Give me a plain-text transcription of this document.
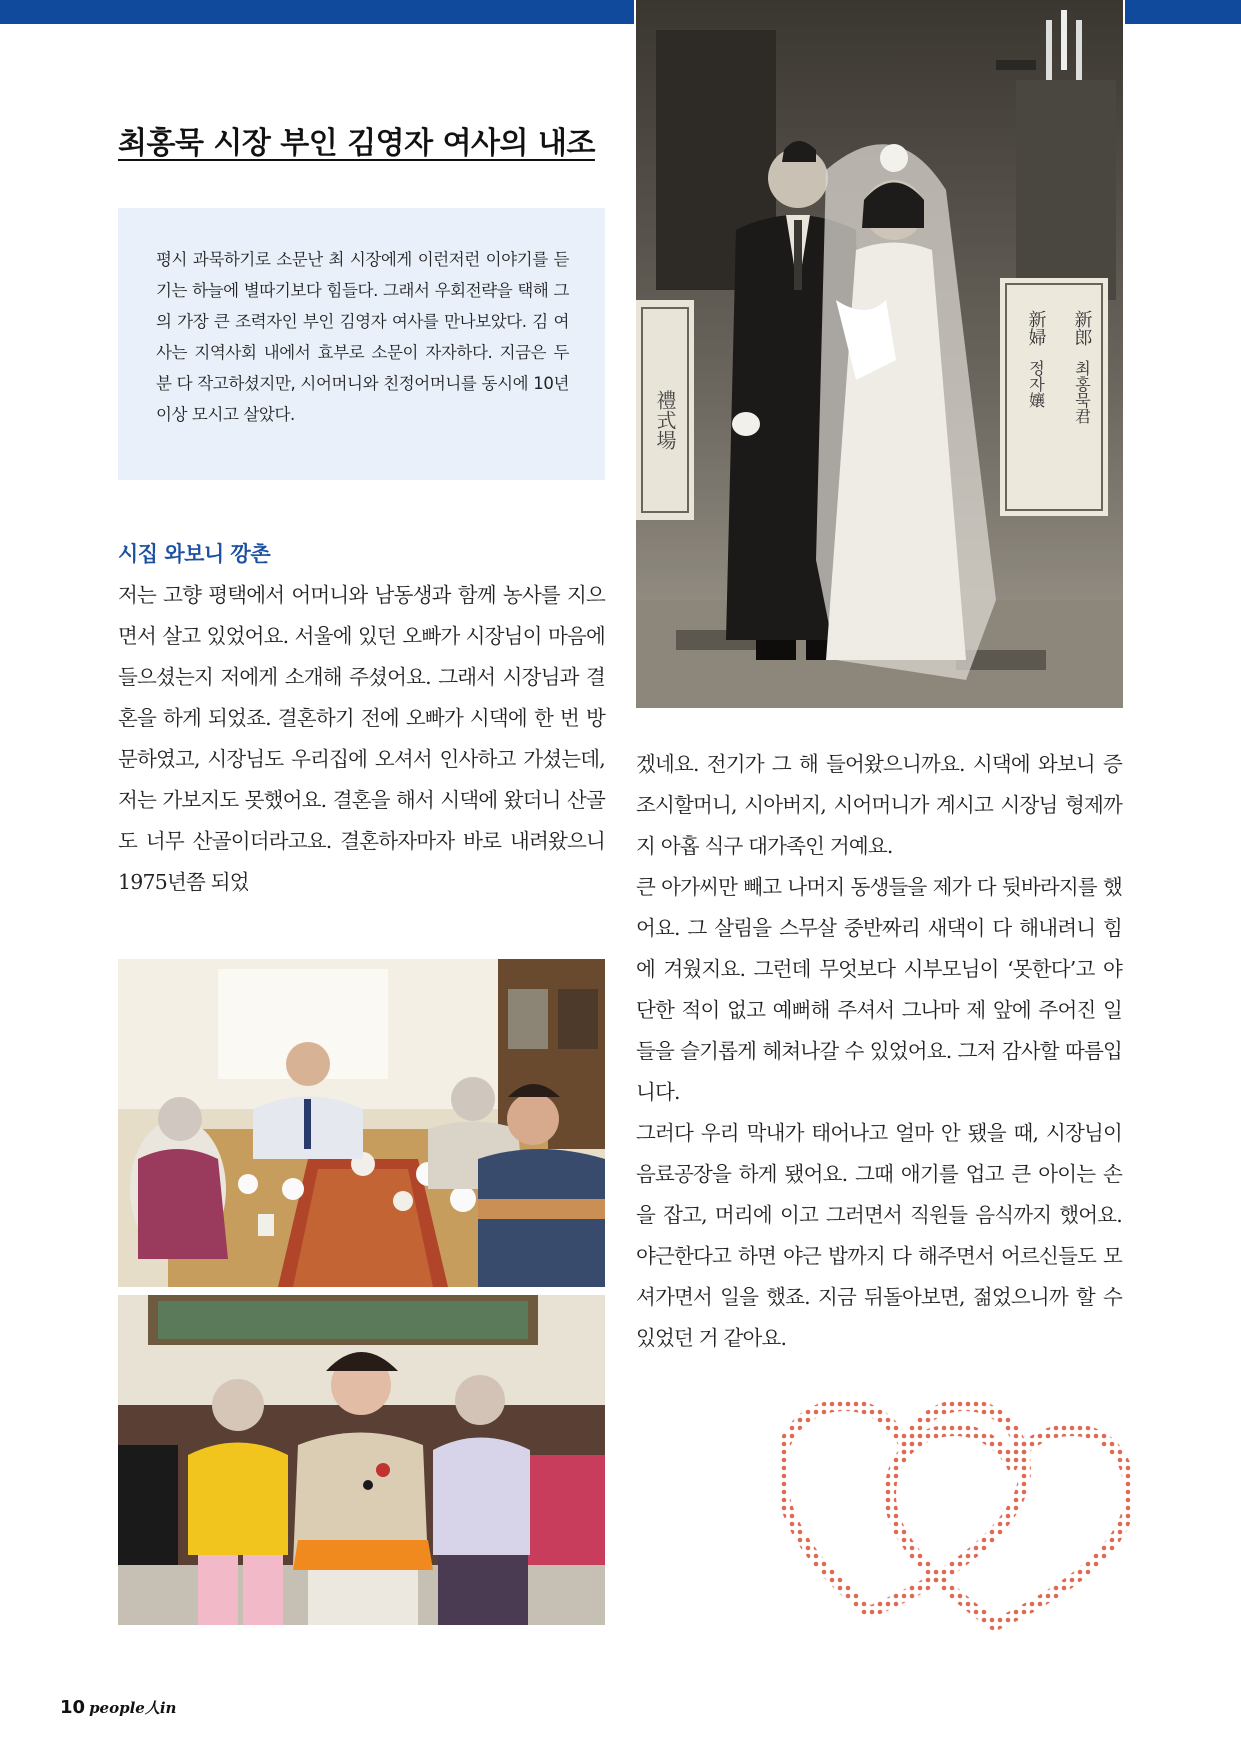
최홍묵 시장 부인 김영자 여사의 내조

평시 과묵하기로 소문난 최 시장에게 이런저런 이야기를 듣기는 하늘에 별따기보다 힘들다. 그래서 우회전략을 택해 그의 가장 큰 조력자인 부인 김영자 여사를 만나보았다. 김 여사는 지역사회 내에서 효부로 소문이 자자하다. 지금은 두 분 다 작고하셨지만, 시어머니와 친정어머니를 동시에 10년 이상 모시고 살았다.

시집 와보니 깡촌

저는 고향 평택에서 어머니와 남동생과 함께 농사를 지으면서 살고 있었어요. 서울에 있던 오빠가 시장님이 마음에 들으셨는지 저에게 소개해 주셨어요. 그래서 시장님과 결혼을 하게 되었죠. 결혼하기 전에 오빠가 시댁에 한 번 방문하였고, 시장님도 우리집에 오셔서 인사하고 가셨는데, 저는 가보지도 못했어요. 결혼을 해서 시댁에 왔더니 산골도 너무 산골이더라고요. 결혼하자마자 바로 내려왔으니 1975년쯤 되었

禮式場
新郎
최홍묵君
新婦
정자孃

겠네요. 전기가 그 해 들어왔으니까요. 시댁에 와보니 증조시할머니, 시아버지, 시어머니가 계시고 시장님 형제까지 아홉 식구 대가족인 거예요.

큰 아가씨만 빼고 나머지 동생들을 제가 다 뒷바라지를 했어요. 그 살림을 스무살 중반짜리 새댁이 다 해내려니 힘에 겨웠지요. 그런데 무엇보다 시부모님이 ‘못한다’고 야단한 적이 없고 예뻐해 주셔서 그나마 제 앞에 주어진 일들을 슬기롭게 헤쳐나갈 수 있었어요. 그저 감사할 따름입니다.

그러다 우리 막내가 태어나고 얼마 안 됐을 때, 시장님이 음료공장을 하게 됐어요. 그때 애기를 업고 큰 아이는 손을 잡고, 머리에 이고 그러면서 직원들 음식까지 했어요. 야근한다고 하면 야근 밥까지 다 해주면서 어르신들도 모셔가면서 일을 했죠. 지금 뒤돌아보면, 젊었으니까 할 수 있었던 거 같아요.

10 people人in
